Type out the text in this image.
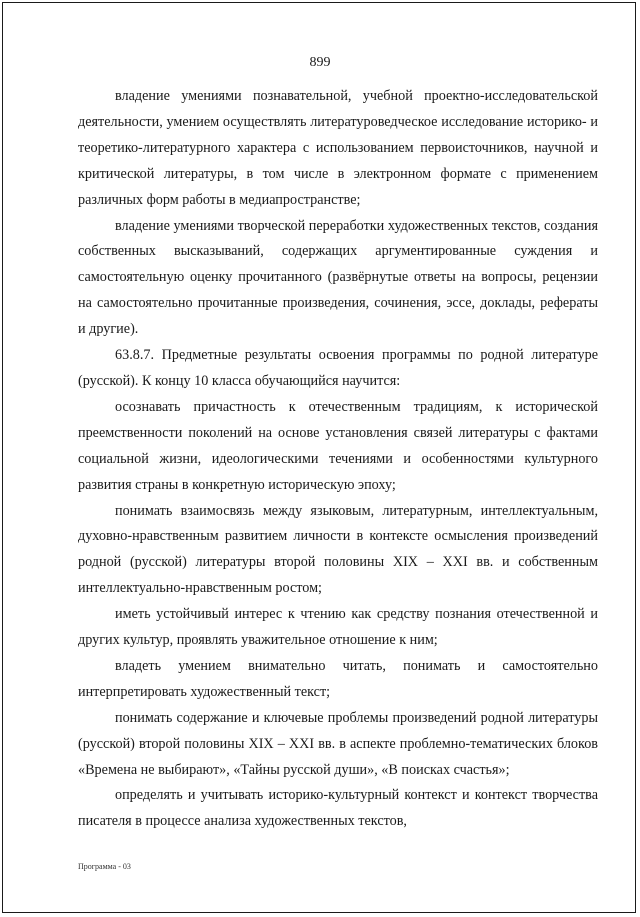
899

владение умениями познавательной, учебной проектно-исследовательской деятельности, умением осуществлять литературоведческое исследование историко- и теоретико-литературного характера с использованием первоисточников, научной и критической литературы, в том числе в электронном формате с применением различных форм работы в медиапространстве;

владение умениями творческой переработки художественных текстов, создания собственных высказываний, содержащих аргументированные суждения и самостоятельную оценку прочитанного (развёрнутые ответы на вопросы, рецензии на самостоятельно прочитанные произведения, сочинения, эссе, доклады, рефераты и другие).

63.8.7. Предметные результаты освоения программы по родной литературе (русской). К концу 10 класса обучающийся научится:

осознавать причастность к отечественным традициям, к исторической преемственности поколений на основе установления связей литературы с фактами социальной жизни, идеологическими течениями и особенностями культурного развития страны в конкретную историческую эпоху;

понимать взаимосвязь между языковым, литературным, интеллектуальным, духовно-нравственным развитием личности в контексте осмысления произведений родной (русской) литературы второй половины XIX – XXI вв. и собственным интеллектуально-нравственным ростом;

иметь устойчивый интерес к чтению как средству познания отечественной и других культур, проявлять уважительное отношение к ним;

владеть умением внимательно читать, понимать и самостоятельно интерпретировать художественный текст;

понимать содержание и ключевые проблемы произведений родной литературы (русской) второй половины XIX – XXI вв. в аспекте проблемно-тематических блоков «Времена не выбирают», «Тайны русской души», «В поисках счастья»;

определять и учитывать историко-культурный контекст и контекст творчества писателя в процессе анализа художественных текстов,

Программа - 03
